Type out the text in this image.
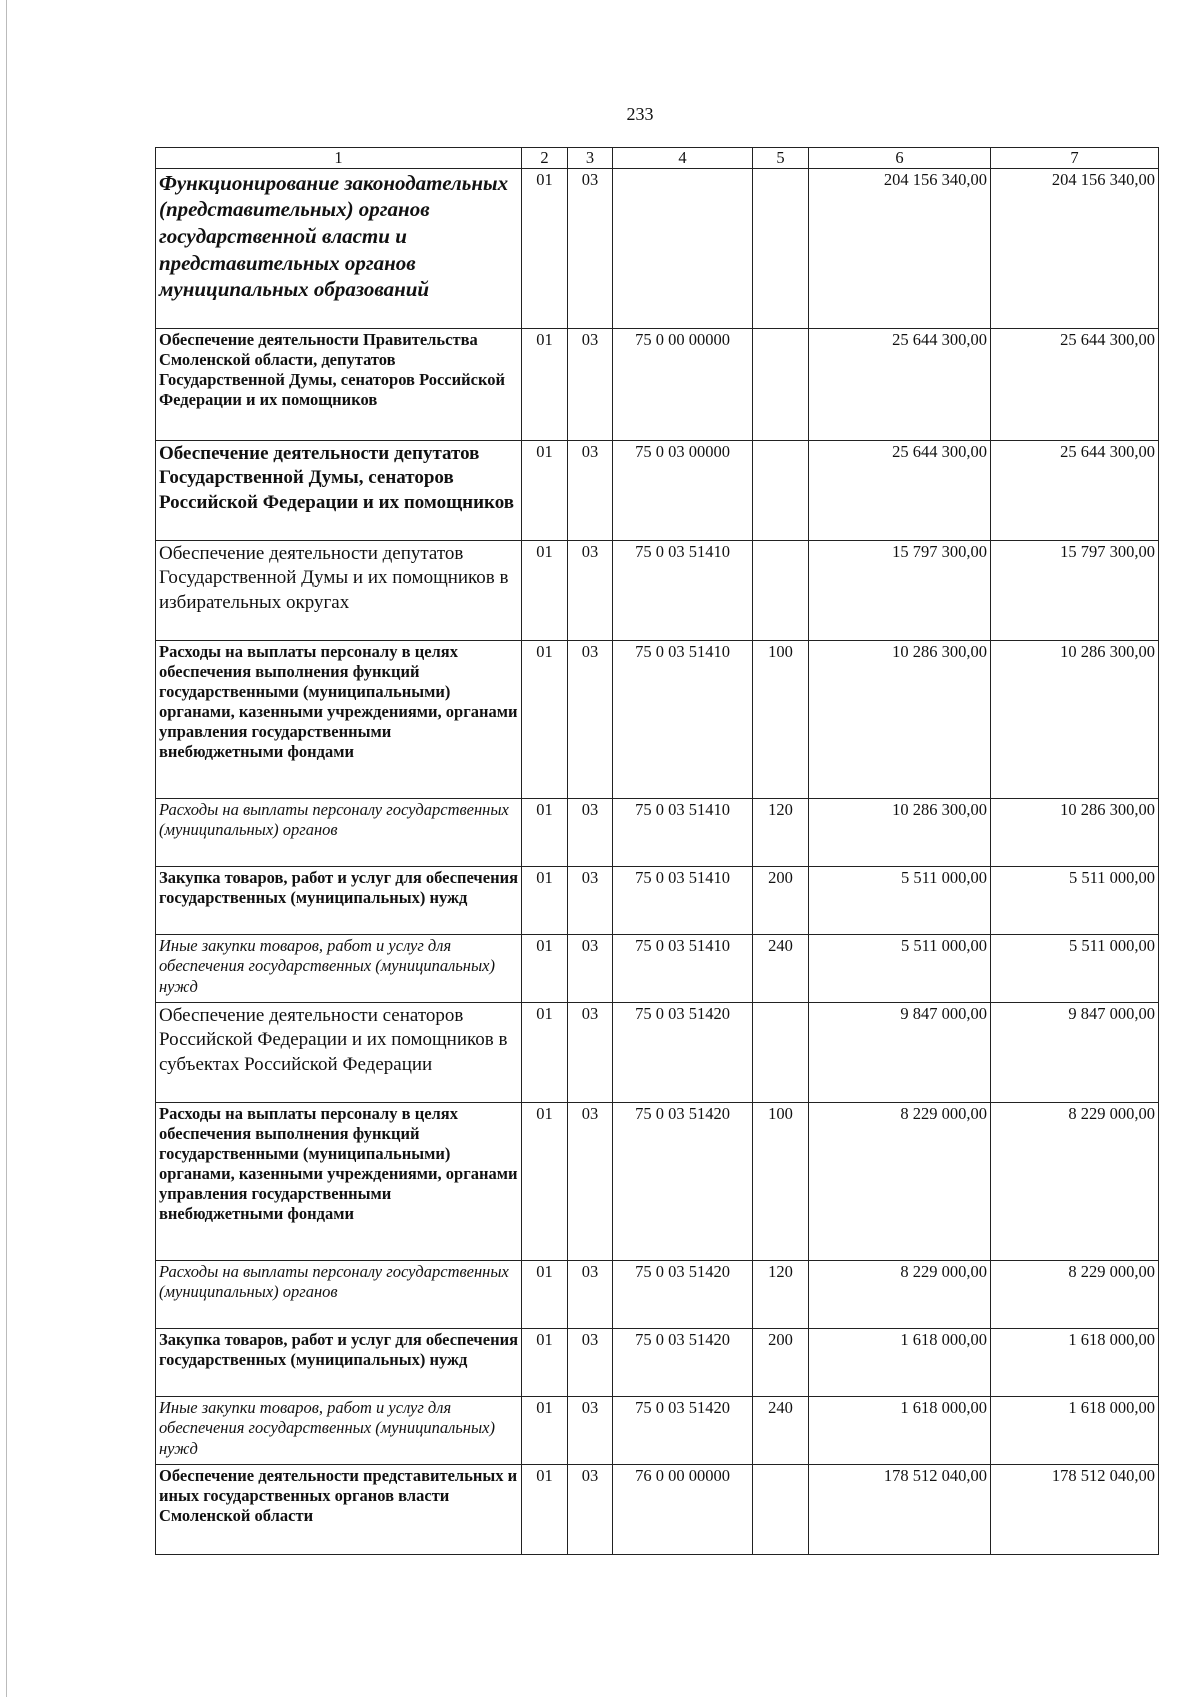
233
1	2	3	4	5	6	7
Функционирование законодательных (представительных) органов государственной власти и представительных органов муниципальных образований	01	03			204 156 340,00	204 156 340,00
Обеспечение деятельности Правительства Смоленской области, депутатов Государственной Думы, сенаторов Российской Федерации и их помощников	01	03	75 0 00 00000		25 644 300,00	25 644 300,00
Обеспечение деятельности депутатов Государственной Думы, сенаторов Российской Федерации и их помощников	01	03	75 0 03 00000		25 644 300,00	25 644 300,00
Обеспечение деятельности депутатов Государственной Думы и их помощников в избирательных округах	01	03	75 0 03 51410		15 797 300,00	15 797 300,00
Расходы на выплаты персоналу в целях обеспечения выполнения функций государственными (муниципальными) органами, казенными учреждениями, органами управления государственными внебюджетными фондами	01	03	75 0 03 51410	100	10 286 300,00	10 286 300,00
Расходы на выплаты персоналу государственных (муниципальных) органов	01	03	75 0 03 51410	120	10 286 300,00	10 286 300,00
Закупка товаров, работ и услуг для обеспечения государственных (муниципальных) нужд	01	03	75 0 03 51410	200	5 511 000,00	5 511 000,00
Иные закупки товаров, работ и услуг для обеспечения государственных (муниципальных) нужд	01	03	75 0 03 51410	240	5 511 000,00	5 511 000,00
Обеспечение деятельности сенаторов Российской Федерации и их помощников в субъектах Российской Федерации	01	03	75 0 03 51420		9 847 000,00	9 847 000,00
Расходы на выплаты персоналу в целях обеспечения выполнения функций государственными (муниципальными) органами, казенными учреждениями, органами управления государственными внебюджетными фондами	01	03	75 0 03 51420	100	8 229 000,00	8 229 000,00
Расходы на выплаты персоналу государственных (муниципальных) органов	01	03	75 0 03 51420	120	8 229 000,00	8 229 000,00
Закупка товаров, работ и услуг для обеспечения государственных (муниципальных) нужд	01	03	75 0 03 51420	200	1 618 000,00	1 618 000,00
Иные закупки товаров, работ и услуг для обеспечения государственных (муниципальных) нужд	01	03	75 0 03 51420	240	1 618 000,00	1 618 000,00
Обеспечение деятельности представительных и иных государственных органов власти Смоленской области	01	03	76 0 00 00000		178 512 040,00	178 512 040,00
